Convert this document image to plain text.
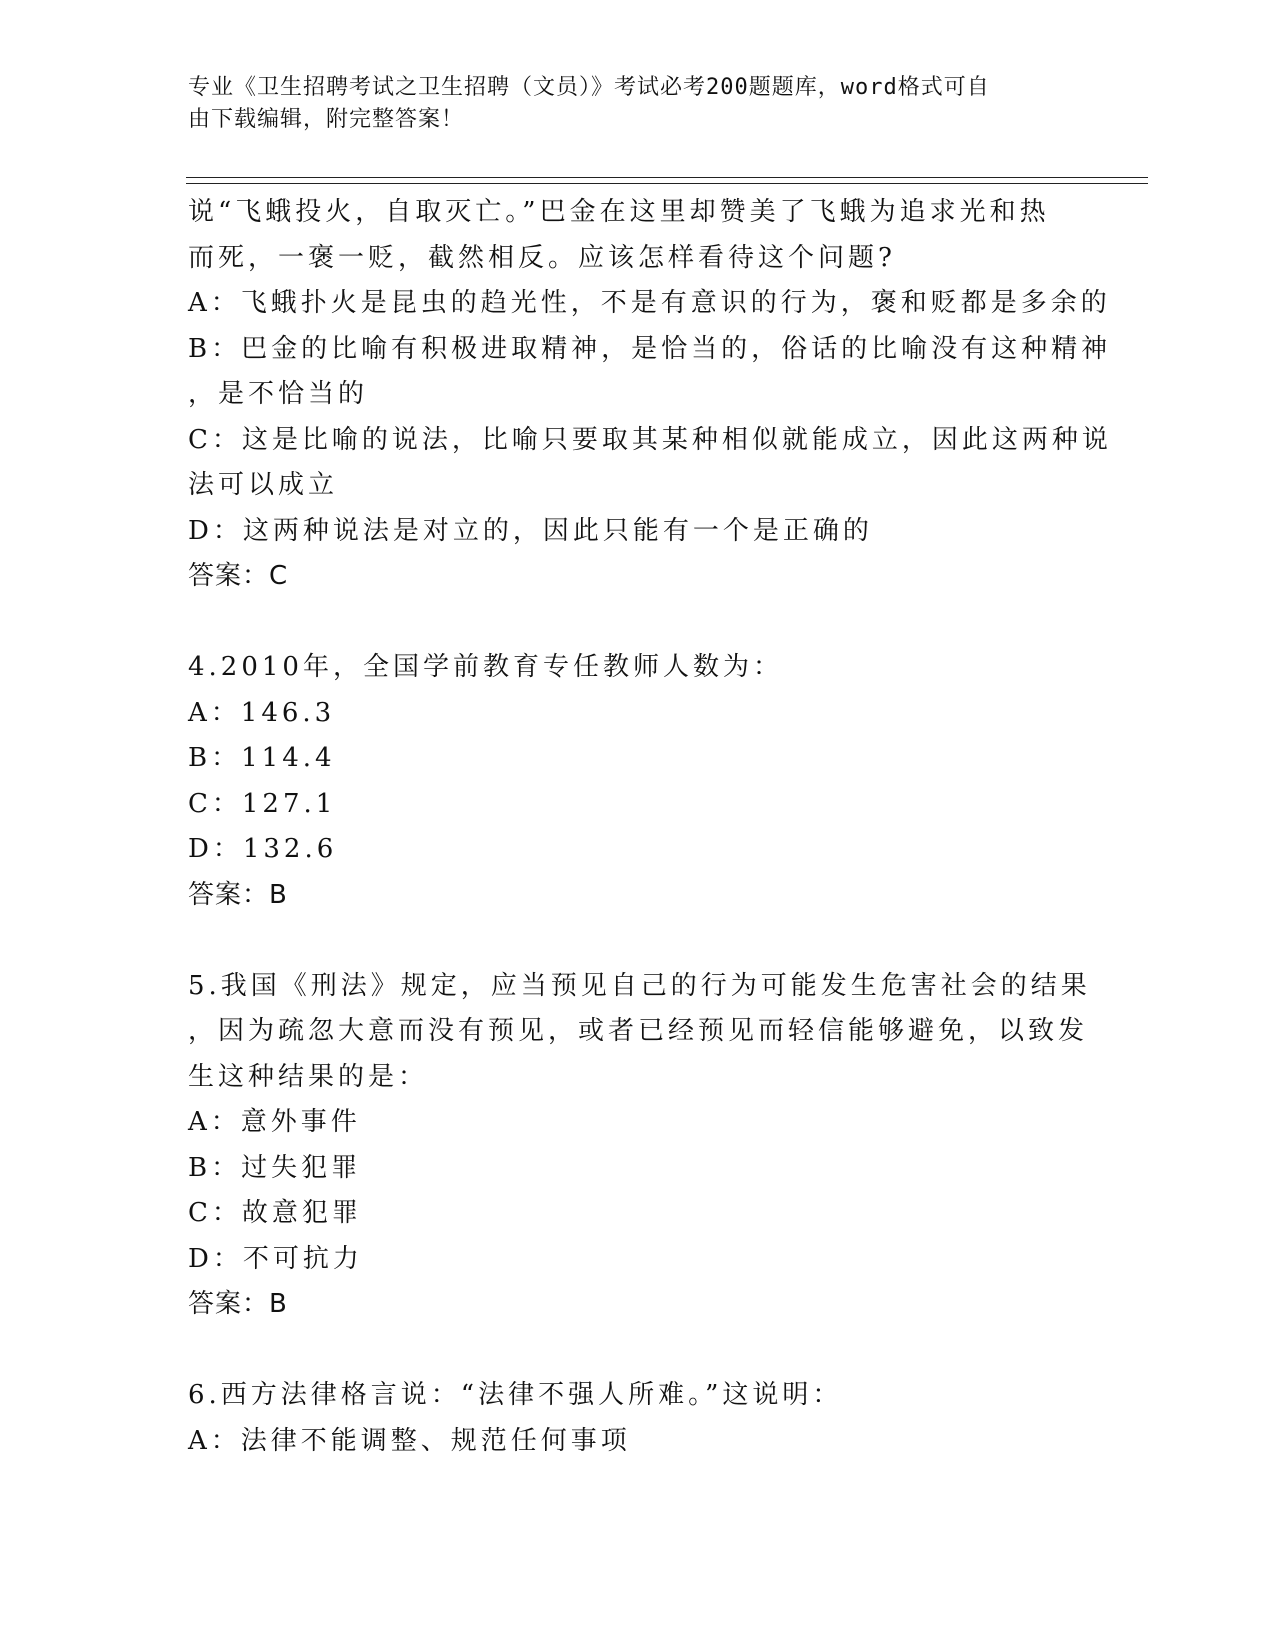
专业《卫生招聘考试之卫生招聘（文员）》考试必考200题题库，word格式可自
由下载编辑，附完整答案！
说“飞蛾投火，自取灭亡。”巴金在这里却赞美了飞蛾为追求光和热
而死，一褒一贬，截然相反。应该怎样看待这个问题?
A：飞蛾扑火是昆虫的趋光性，不是有意识的行为，褒和贬都是多余的
B：巴金的比喻有积极进取精神，是恰当的，俗话的比喻没有这种精神
，是不恰当的
C：这是比喻的说法，比喻只要取其某种相似就能成立，因此这两种说
法可以成立
D：这两种说法是对立的，因此只能有一个是正确的
答案：C
4.2010年，全国学前教育专任教师人数为：
A：146.3
B：114.4
C：127.1
D：132.6
答案：B
5.我国《刑法》规定，应当预见自己的行为可能发生危害社会的结果
，因为疏忽大意而没有预见，或者已经预见而轻信能够避免，以致发
生这种结果的是：
A：意外事件
B：过失犯罪
C：故意犯罪
D：不可抗力
答案：B
6.西方法律格言说：“法律不强人所难。”这说明：
A：法律不能调整、规范任何事项
